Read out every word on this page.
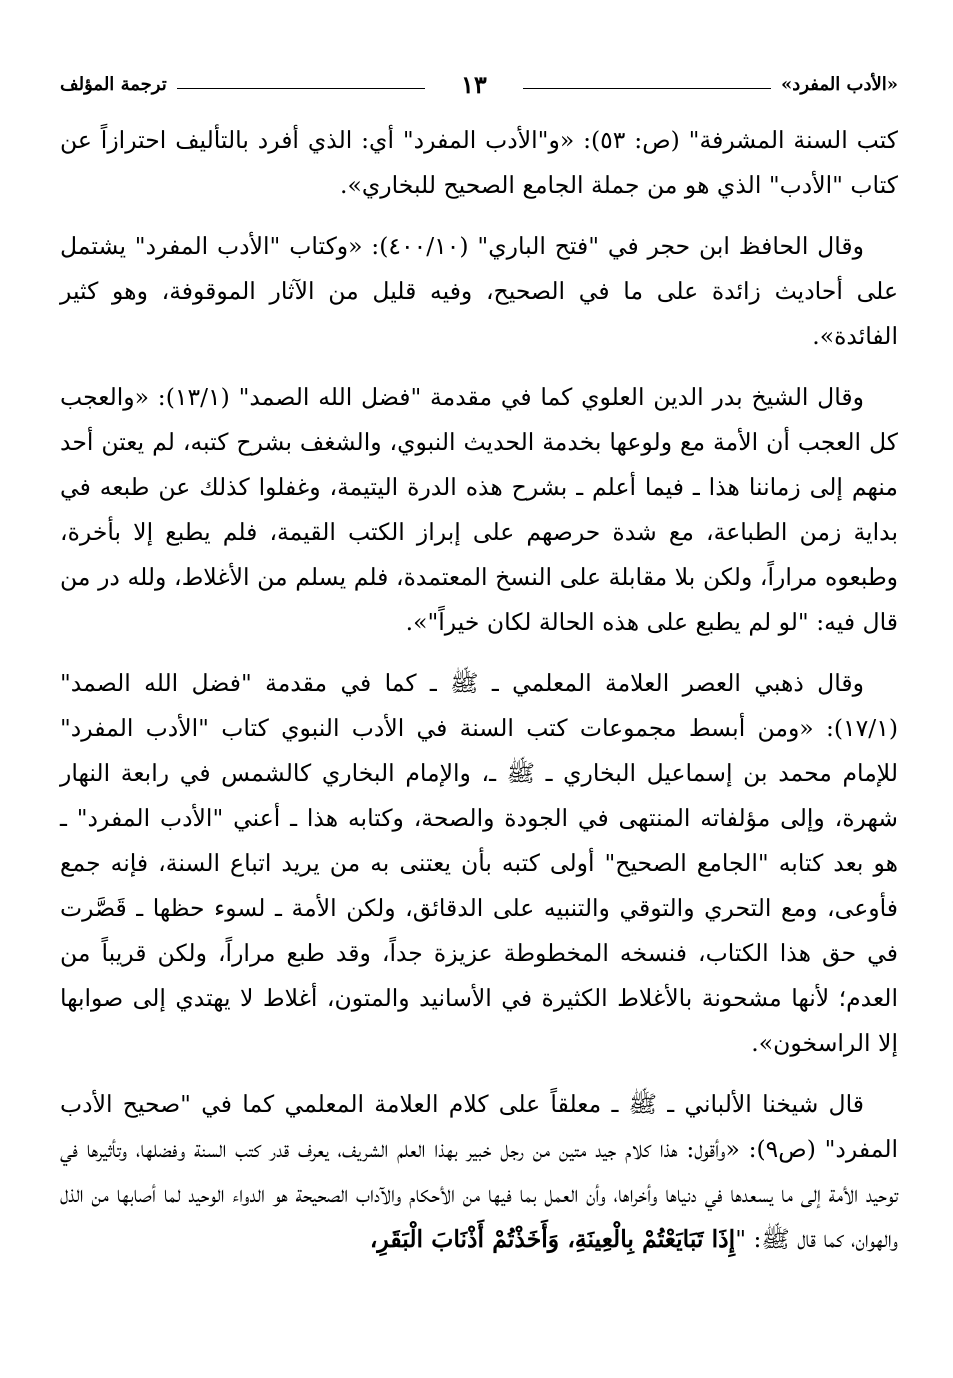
«الأدب المفرد»
١٣
ترجمة المؤلف

كتب السنة المشرفة" (ص: ٥٣): «و"الأدب المفرد" أي: الذي أفرد بالتأليف احترازاً عن كتاب "الأدب" الذي هو من جملة الجامع الصحيح للبخاري».

وقال الحافظ ابن حجر في "فتح الباري" (٤٠٠/١٠): «وكتاب "الأدب المفرد" يشتمل على أحاديث زائدة على ما في الصحيح، وفيه قليل من الآثار الموقوفة، وهو كثير الفائدة».

وقال الشيخ بدر الدين العلوي كما في مقدمة "فضل الله الصمد" (١٣/١): «والعجب كل العجب أن الأمة مع ولوعها بخدمة الحديث النبوي، والشغف بشرح كتبه، لم يعتن أحد منهم إلى زماننا هذا ـ فيما أعلم ـ بشرح هذه الدرة اليتيمة، وغفلوا كذلك عن طبعه في بداية زمن الطباعة، مع شدة حرصهم على إبراز الكتب القيمة، فلم يطبع إلا بأخرة، وطبعوه مراراً، ولكن بلا مقابلة على النسخ المعتمدة، فلم يسلم من الأغلاط، ولله در من قال فيه: "لو لم يطبع على هذه الحالة لكان خيراً"».

وقال ذهبي العصر العلامة المعلمي ـ ﷺ ـ كما في مقدمة "فضل الله الصمد" (١٧/١): «ومن أبسط مجموعات كتب السنة في الأدب النبوي كتاب "الأدب المفرد" للإمام محمد بن إسماعيل البخاري ـ ﷺ ـ، والإمام البخاري كالشمس في رابعة النهار شهرة، وإلى مؤلفاته المنتهى في الجودة والصحة، وكتابه هذا ـ أعني "الأدب المفرد" ـ هو بعد كتابه "الجامع الصحيح" أولى كتبه بأن يعتنى به من يريد اتباع السنة، فإنه جمع فأوعى، ومع التحري والتوقي والتنبيه على الدقائق، ولكن الأمة ـ لسوء حظها ـ قَصَّرت في حق هذا الكتاب، فنسخه المخطوطة عزيزة جداً، وقد طبع مراراً، ولكن قريباً من العدم؛ لأنها مشحونة بالأغلاط الكثيرة في الأسانيد والمتون، أغلاط لا يهتدي إلى صوابها إلا الراسخون».

قال شيخنا الألباني ـ ﷺ ـ معلقاً على كلام العلامة المعلمي كما في "صحيح الأدب المفرد" (ص٩): «وأقول: هذا كلام جيد متين من رجل خبير بهذا العلم الشريف، يعرف قدر كتب السنة وفضلها، وتأثيرها في توحيد الأمة إلى ما يسعدها في دنياها وأخراها، وأن العمل بما فيها من الأحكام والآداب الصحيحة هو الدواء الوحيد لما أصابها من الذل والهوان، كما قال ﷺ: "إِذَا تَبَايَعْتُمْ بِالْعِينَةِ، وَأَخَذْتُمْ أَذْنَابَ الْبَقَرِ،
